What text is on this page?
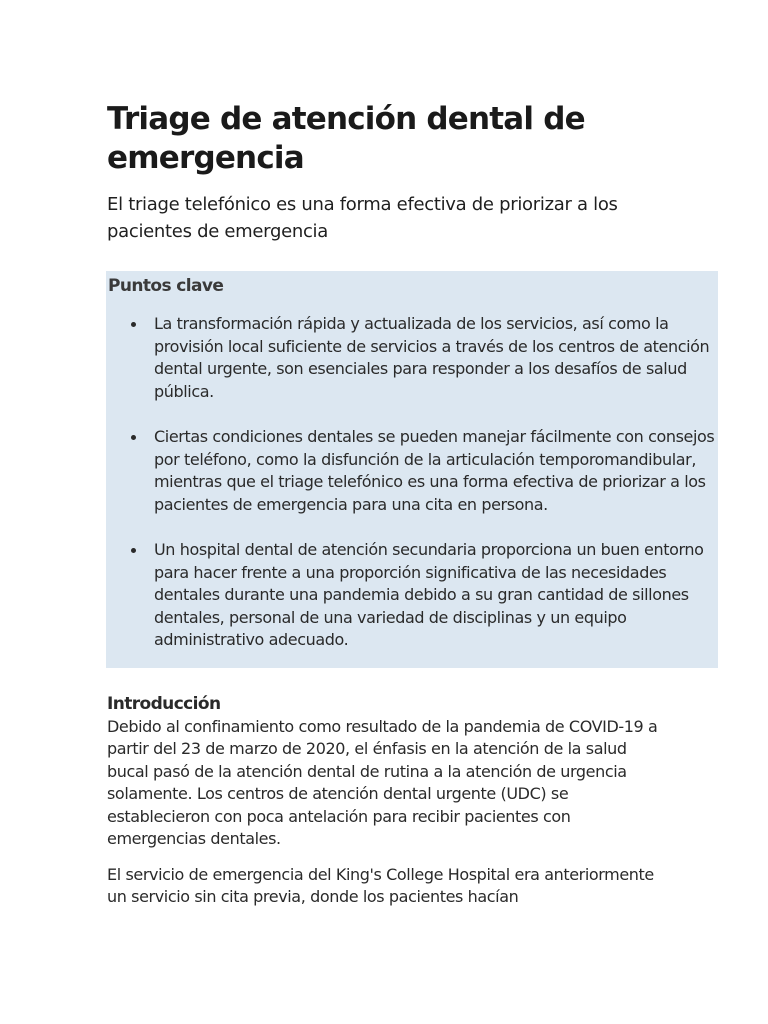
Triage de atención dental de emergencia

El triage telefónico es una forma efectiva de priorizar a los pacientes de emergencia

Puntos clave
La transformación rápida y actualizada de los servicios, así como la provisión local suficiente de servicios a través de los centros de atención dental urgente, son esenciales para responder a los desafíos de salud pública.
Ciertas condiciones dentales se pueden manejar fácilmente con consejos por teléfono, como la disfunción de la articulación temporomandibular, mientras que el triage telefónico es una forma efectiva de priorizar a los pacientes de emergencia para una cita en persona.
Un hospital dental de atención secundaria proporciona un buen entorno para hacer frente a una proporción significativa de las necesidades dentales durante una pandemia debido a su gran cantidad de sillones dentales, personal de una variedad de disciplinas y un equipo administrativo adecuado.
Introducción

Debido al confinamiento como resultado de la pandemia de COVID-19 a partir del 23 de marzo de 2020, el énfasis en la atención de la salud bucal pasó de la atención dental de rutina a la atención de urgencia solamente. Los centros de atención dental urgente (UDC) se establecieron con poca antelación para recibir pacientes con emergencias dentales.

El servicio de emergencia del King's College Hospital era anteriormente un servicio sin cita previa, donde los pacientes hacían
